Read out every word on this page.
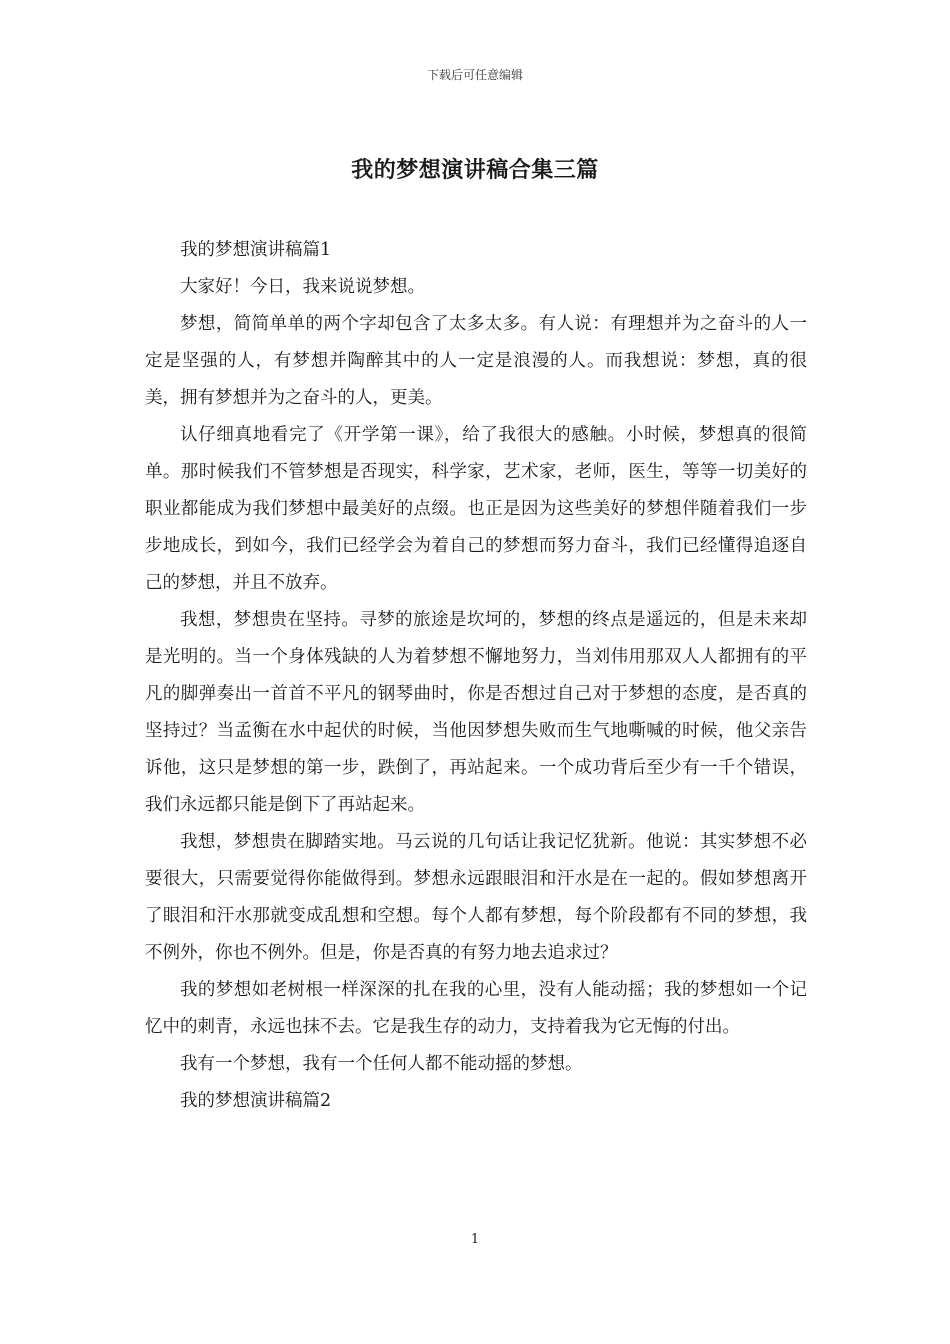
下载后可任意编辑
我的梦想演讲稿合集三篇

我的梦想演讲稿篇1

大家好！今日，我来说说梦想。

梦想，简简单单的两个字却包含了太多太多。有人说：有理想并为之奋斗的人一定是坚强的人，有梦想并陶醉其中的人一定是浪漫的人。而我想说：梦想，真的很美，拥有梦想并为之奋斗的人，更美。

认仔细真地看完了《开学第一课》，给了我很大的感触。小时候，梦想真的很简单。那时候我们不管梦想是否现实，科学家，艺术家，老师，医生，等等一切美好的职业都能成为我们梦想中最美好的点缀。也正是因为这些美好的梦想伴随着我们一步步地成长，到如今，我们已经学会为着自己的梦想而努力奋斗，我们已经懂得追逐自己的梦想，并且不放弃。

我想，梦想贵在坚持。寻梦的旅途是坎坷的，梦想的终点是遥远的，但是未来却是光明的。当一个身体残缺的人为着梦想不懈地努力，当刘伟用那双人人都拥有的平凡的脚弹奏出一首首不平凡的钢琴曲时，你是否想过自己对于梦想的态度，是否真的坚持过？当孟衡在水中起伏的时候，当他因梦想失败而生气地嘶喊的时候，他父亲告诉他，这只是梦想的第一步，跌倒了，再站起来。一个成功背后至少有一千个错误，我们永远都只能是倒下了再站起来。

我想，梦想贵在脚踏实地。马云说的几句话让我记忆犹新。他说：其实梦想不必要很大，只需要觉得你能做得到。梦想永远跟眼泪和汗水是在一起的。假如梦想离开了眼泪和汗水那就变成乱想和空想。每个人都有梦想，每个阶段都有不同的梦想，我不例外，你也不例外。但是，你是否真的有努力地去追求过？

我的梦想如老树根一样深深的扎在我的心里，没有人能动摇；我的梦想如一个记忆中的刺青，永远也抹不去。它是我生存的动力，支持着我为它无悔的付出。

我有一个梦想，我有一个任何人都不能动摇的梦想。

我的梦想演讲稿篇2

1
